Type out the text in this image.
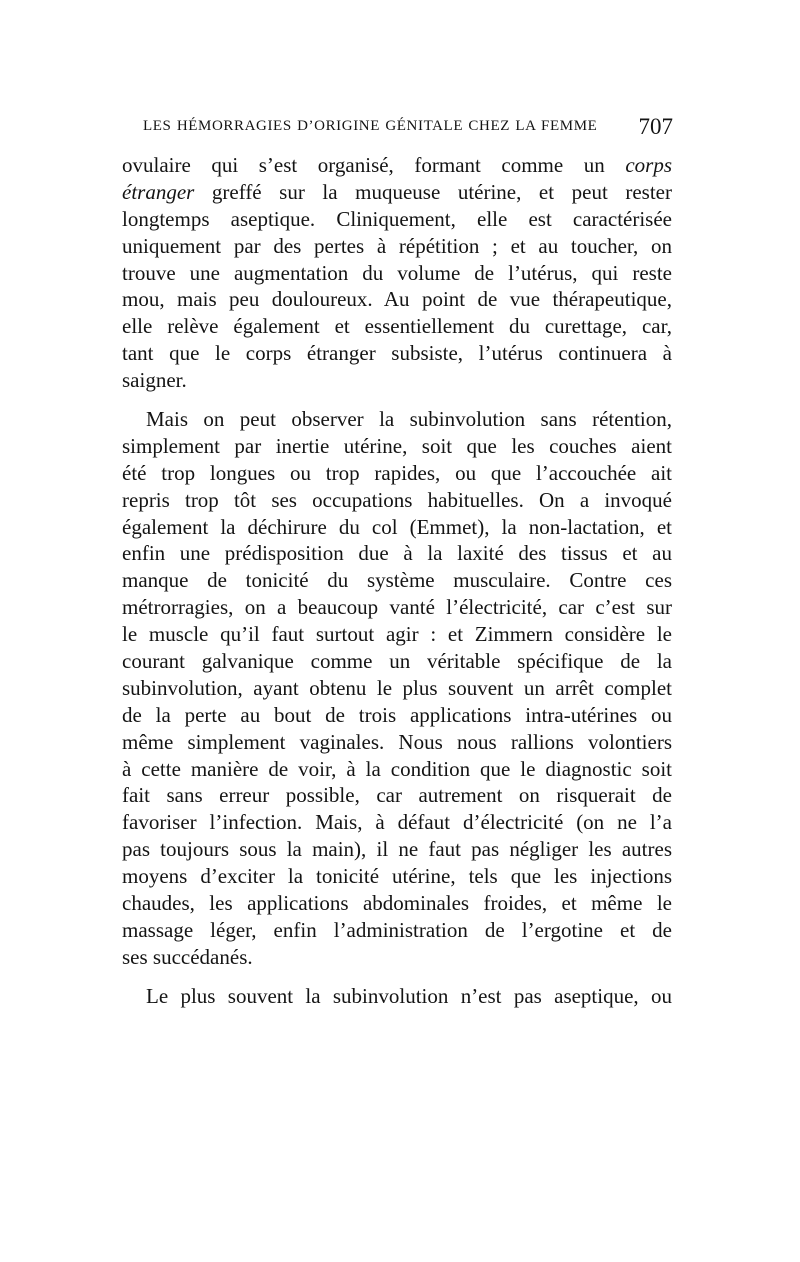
LES HÉMORRAGIES D’ORIGINE GÉNITALE CHEZ LA FEMME	707
ovulaire qui s’est organisé, formant comme un corps
étranger greffé sur la muqueuse utérine, et peut rester
longtemps aseptique. Cliniquement, elle est caractérisée
uniquement par des pertes à répétition ; et au toucher, on
trouve une augmentation du volume de l’utérus, qui reste
mou, mais peu douloureux. Au point de vue thérapeutique,
elle relève également et essentiellement du curettage, car,
tant que le corps étranger subsiste, l’utérus continuera à
saigner.
Mais on peut observer la subinvolution sans rétention,
simplement par inertie utérine, soit que les couches aient
été trop longues ou trop rapides, ou que l’accouchée ait
repris trop tôt ses occupations habituelles. On a invoqué
également la déchirure du col (Emmet), la non-lactation, et
enfin une prédisposition due à la laxité des tissus et au
manque de tonicité du système musculaire. Contre ces
métrorragies, on a beaucoup vanté l’électricité, car c’est sur
le muscle qu’il faut surtout agir : et Zimmern considère le
courant galvanique comme un véritable spécifique de la
subinvolution, ayant obtenu le plus souvent un arrêt complet
de la perte au bout de trois applications intra-utérines ou
même simplement vaginales. Nous nous rallions volontiers
à cette manière de voir, à la condition que le diagnostic soit
fait sans erreur possible, car autrement on risquerait de
favoriser l’infection. Mais, à défaut d’électricité (on ne l’a
pas toujours sous la main), il ne faut pas négliger les autres
moyens d’exciter la tonicité utérine, tels que les injections
chaudes, les applications abdominales froides, et même le
massage léger, enfin l’administration de l’ergotine et de
ses succédanés.
Le plus souvent la subinvolution n’est pas aseptique, ou
